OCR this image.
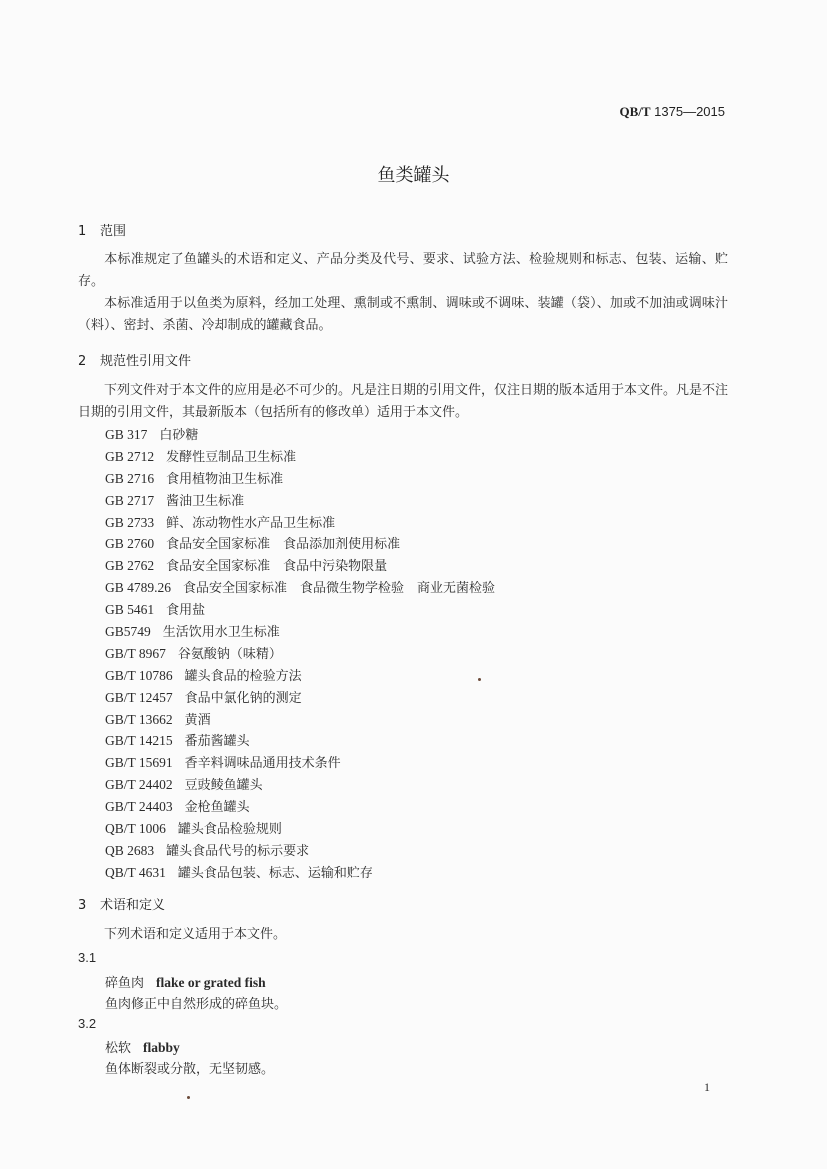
QB/T 1375—2015
鱼类罐头
1 范围
本标准规定了鱼罐头的术语和定义、产品分类及代号、要求、试验方法、检验规则和标志、包装、运输、贮存。
本标准适用于以鱼类为原料，经加工处理、熏制或不熏制、调味或不调味、装罐（袋）、加或不加油或调味汁（料）、密封、杀菌、冷却制成的罐藏食品。
2 规范性引用文件
下列文件对于本文件的应用是必不可少的。凡是注日期的引用文件，仅注日期的版本适用于本文件。凡是不注日期的引用文件，其最新版本（包括所有的修改单）适用于本文件。
GB 317 白砂糖
GB 2712 发酵性豆制品卫生标准
GB 2716 食用植物油卫生标准
GB 2717 酱油卫生标准
GB 2733 鲜、冻动物性水产品卫生标准
GB 2760 食品安全国家标准　食品添加剂使用标准
GB 2762 食品安全国家标准　食品中污染物限量
GB 4789.26 食品安全国家标准　食品微生物学检验　商业无菌检验
GB 5461 食用盐
GB5749 生活饮用水卫生标准
GB/T 8967 谷氨酸钠（味精）
GB/T 10786 罐头食品的检验方法
GB/T 12457 食品中氯化钠的测定
GB/T 13662 黄酒
GB/T 14215 番茄酱罐头
GB/T 15691 香辛料调味品通用技术条件
GB/T 24402 豆豉鲮鱼罐头
GB/T 24403 金枪鱼罐头
QB/T 1006 罐头食品检验规则
QB 2683 罐头食品代号的标示要求
QB/T 4631 罐头食品包装、标志、运输和贮存
3 术语和定义
下列术语和定义适用于本文件。
3.1
碎鱼肉 flake or grated fish
鱼肉修正中自然形成的碎鱼块。
3.2
松软 flabby
鱼体断裂或分散，无坚韧感。
1
